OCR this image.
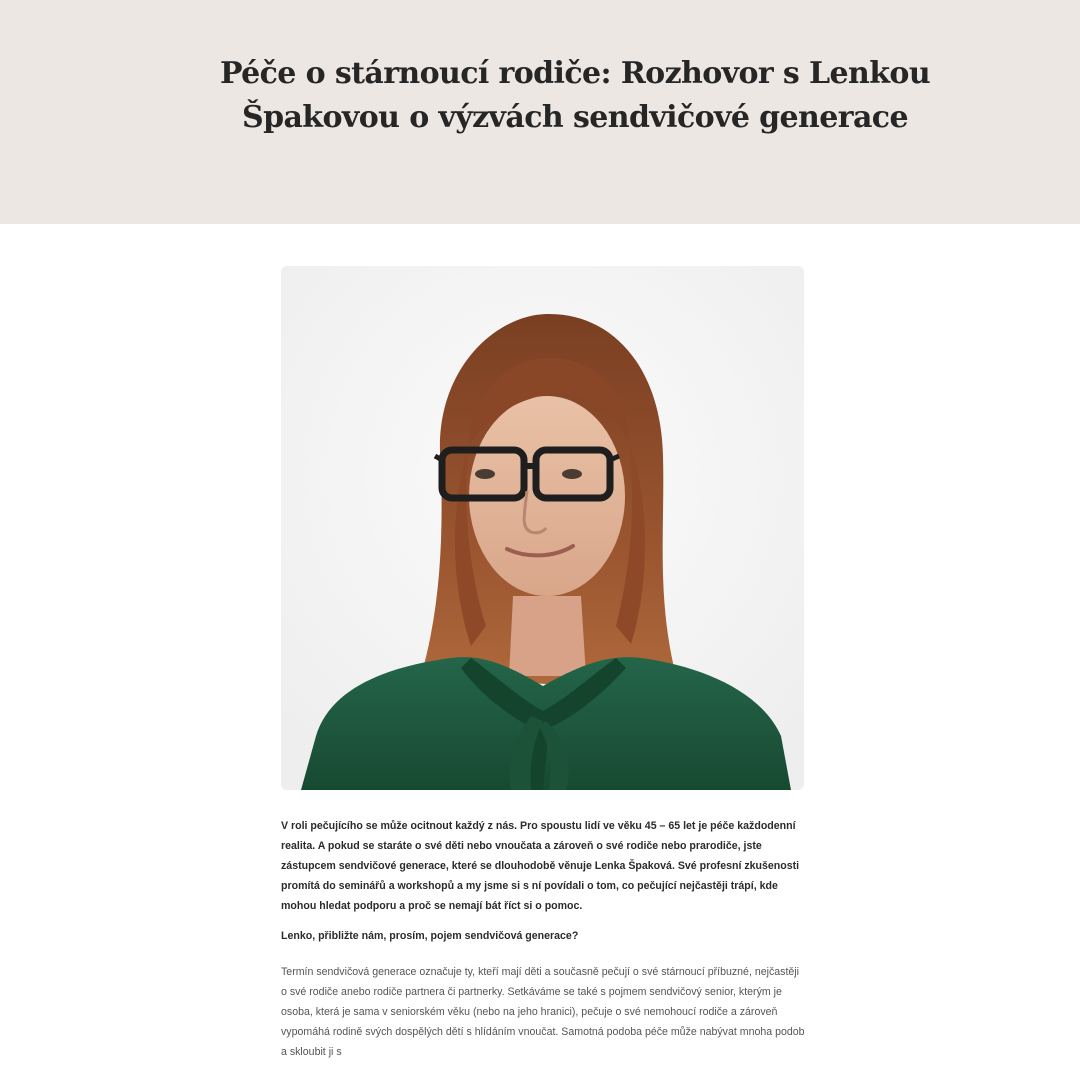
Péče o stárnoucí rodiče: Rozhovor s Lenkou Špakovou o výzvách sendvičové generace

V roli pečujícího se může ocitnout každý z nás. Pro spoustu lidí ve věku 45 – 65 let je péče každodenní realita. A pokud se staráte o své děti nebo vnoučata a zároveň o své rodiče nebo prarodiče, jste zástupcem sendvičové generace, které se dlouhodobě věnuje Lenka Špaková. Své profesní zkušenosti promítá do seminářů a workshopů a my jsme si s ní povídali o tom, co pečující nejčastěji trápí, kde mohou hledat podporu a proč se nemají bát říct si o pomoc.

Lenko, přibližte nám, prosím, pojem sendvičová generace?

Termín sendvičová generace označuje ty, kteří mají děti a současně pečují o své stárnoucí příbuzné, nejčastěji o své rodiče anebo rodiče partnera či partnerky. Setkáváme se také s pojmem sendvičový senior, kterým je osoba, která je sama v seniorském věku (nebo na jeho hranici), pečuje o své nemohoucí rodiče a zároveň vypomáhá rodině svých dospělých dětí s hlídáním vnoučat. Samotná podoba péče může nabývat mnoha podob a skloubit ji s
